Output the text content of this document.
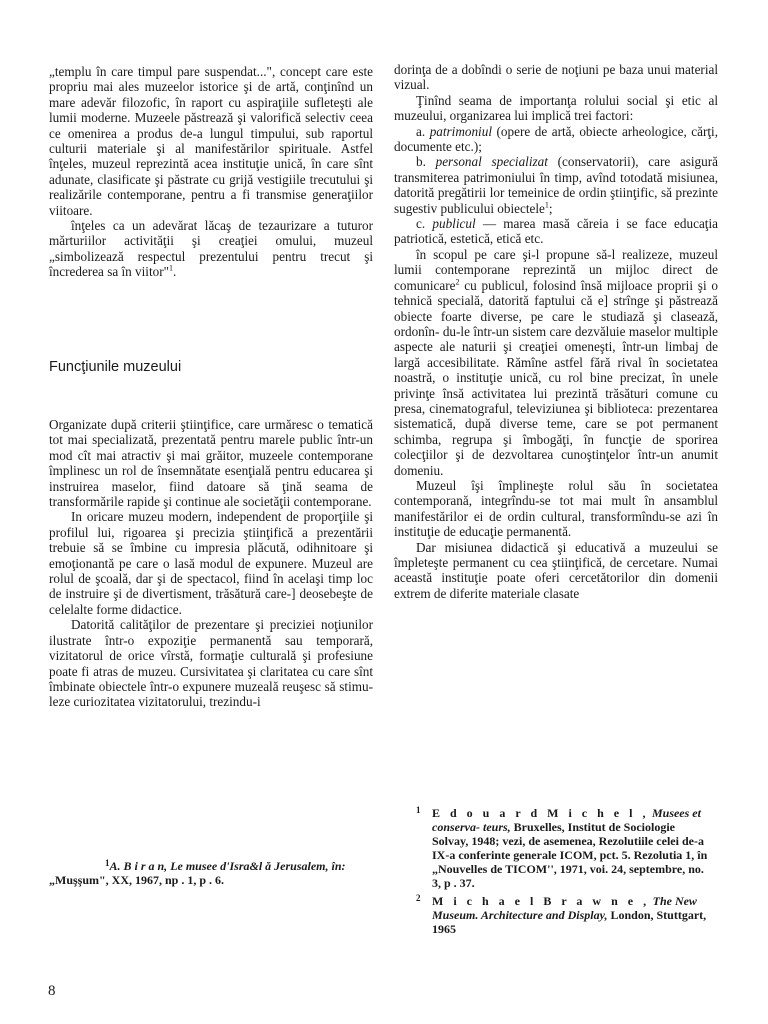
„templu în care timpul pare suspendat...", concept care este propriu mai ales muzeelor istorice şi de artă, conţinînd un mare adevăr filozofic, în raport cu aspiraţiile sufleteşti ale lumii moderne. Muzeele păstrează şi valorifică selectiv ceea ce omenirea a produs de-a lungul timpului, sub raportul culturii materiale şi al manifestărilor spirituale. Astfel înţeles, muzeul reprezintă acea instituţie unică, în care sînt adunate, clasificate şi păstrate cu grijă vestigiile trecutului şi realizările contemporane, pentru a fi transmise generaţiilor viitoare.

înţeles ca un adevărat lăcaş de tezaurizare a tuturor mărturiilor activităţii şi creaţiei omului, muzeul „simbolizează respectul prezentului pentru trecut şi încrederea sa în viitor"$^1$.

Funcţiunile muzeului

Organizate după criterii ştiinţifice, care urmăresc o tematică tot mai specializată, prezentată pentru marele public într-un mod cît mai atractiv şi mai grăitor, muzeele contemporane împlinesc un rol de însemnătate esenţială pentru educarea şi instruirea maselor, fiind datoare să ţină seama de transformările rapide şi continue ale societăţii contemporane.

In oricare muzeu modern, independent de proporţiile şi profilul lui, rigoarea şi precizia ştiinţifică a prezentării trebuie să se îmbine cu impresia plăcută, odihnitoare şi emoţionantă pe care o lasă modul de expunere. Muzeul are rolul de şcoală, dar şi de spectacol, fiind în acelaşi timp loc de instruire şi de divertisment, trăsătură care-] deosebeşte de celelalte forme didactice.

Datorită calităţilor de prezentare şi preciziei noţiunilor ilustrate într-o expoziţie permanentă sau temporară, vizitatorul de orice vîrstă, formaţie culturală şi profesiune poate fi atras de muzeu. Cursivitatea şi claritatea cu care sînt îmbinate obiectele într-o expunere muzeală reuşesc să stimu-leze curiozitatea vizitatorului, trezindu-i

dorinţa de a dobîndi o serie de noţiuni pe baza unui material vizual.

Ţinînd seama de importanţa rolului social şi etic al muzeului, organizarea lui implică trei factori:

a. patrimoniul (opere de artă, obiecte arheologice, cărţi, documente etc.);

b. personal specializat (conservatorii), care asigură transmiterea patrimoniului în timp, avînd totodată misiunea, datorită pregătirii lor temeinice de ordin ştiinţific, să prezinte sugestiv publicului obiectele$^1$;

c. publicul — marea masă căreia i se face educaţia patriotică, estetică, etică etc.

în scopul pe care şi-l propune să-l realizeze, muzeul lumii contemporane reprezintă un mijloc direct de comunicare$^2$ cu publicul, folosind însă mijloace proprii şi o tehnică specială, datorită faptului că e] strînge şi păstrează obiecte foarte diverse, pe care le studiază şi clasează, ordonîn- du-le într-un sistem care dezvăluie maselor multiple aspecte ale naturii şi creaţiei omeneşti, într-un limbaj de largă accesibilitate. Rămîne astfel fără rival în societatea noastră, o instituţie unică, cu rol bine precizat, în unele privinţe însă activitatea lui prezintă trăsături comune cu presa, cinematograful, televiziunea şi biblioteca: prezentarea sistematică, după diverse teme, care se pot permanent schimba, regrupa şi îmbogăţi, în funcţie de sporirea colecţiilor şi de dezvoltarea cunoştinţelor într-un anumit domeniu.

Muzeul îşi împlineşte rolul său în societatea contemporană, integrîndu-se tot mai mult în ansamblul manifestărilor ei de ordin cultural, transformîndu-se azi în instituţie de educaţie permanentă.

Dar misiunea didactică şi educativă a muzeului se împleteşte permanent cu cea ştiinţifică, de cercetare. Numai această instituţie poate oferi cercetătorilor din domenii extrem de diferite materiale clasate

$^1$A. B i r a n, Le musee d'Isra&l ă Jerusalem, în:
„Muşşum", XX, 1967, np . 1, p . 6.
1 E d o u a r d M i c h e l , Musees et conserva- teurs, Bruxelles, Institut de Sociologie Solvay, 1948; vezi, de asemenea, Rezolutiile celei de-a IX-a conferinte generale ICOM, pct. 5. Rezolutia 1, în „Nouvelles de TICOM'', 1971, voi. 24, septembre, no. 3, p . 37.
2 M i c h a e l B r a w n e , The New Museum. Architecture and Display, London, Stuttgart, 1965
8
